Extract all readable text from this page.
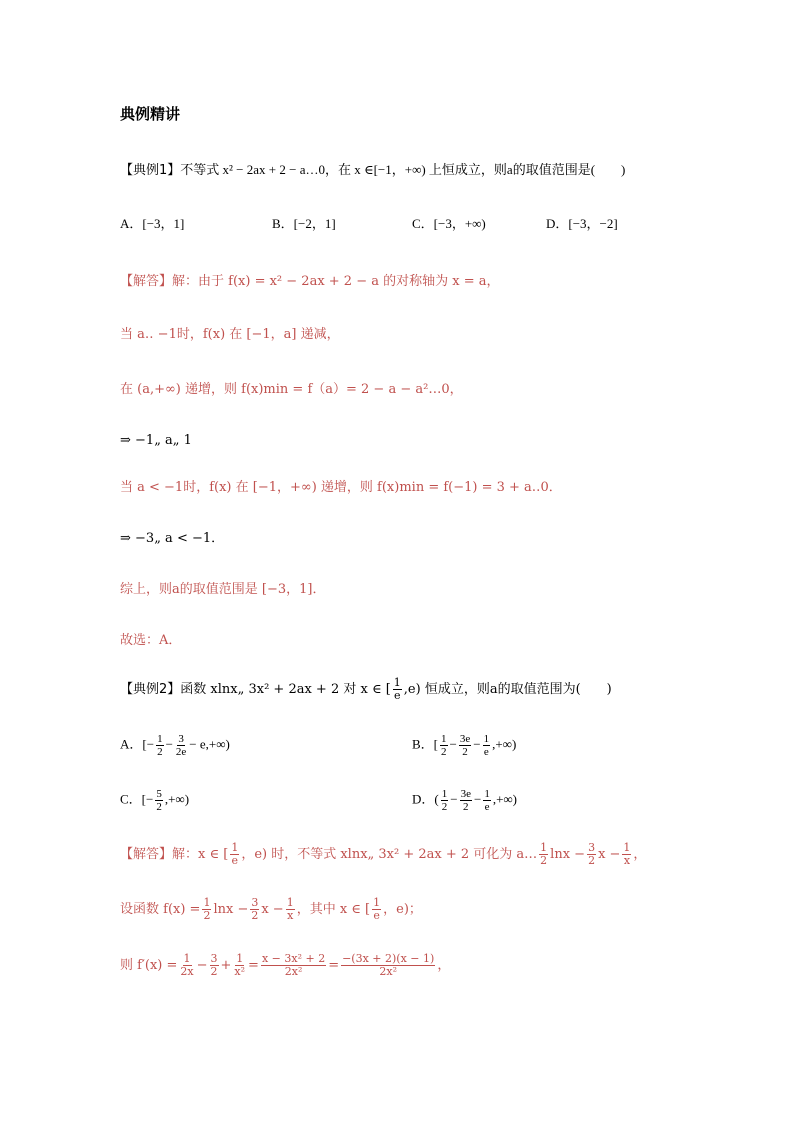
典例精讲
【典例1】不等式 x² − 2ax + 2 − a…0，在 x ∈[−1，+∞) 上恒成立，则a的取值范围是(　　)
A．[−3，1]	B．[−2，1]	C．[−3，+∞)	D．[−3，−2]
【解答】解：由于 f(x) = x² − 2ax + 2 − a 的对称轴为 x = a，
当 a‥ −1时，f(x) 在 [−1，a] 递减，
在 (a,+∞) 递增，则 f(x)min = f（a）= 2 − a − a²…0，
⇒ −1„ a„ 1
当 a < −1时，f(x) 在 [−1，+∞) 递增，则 f(x)min = f(−1) = 3 + a‥0．
⇒ −3„ a < −1．
综上，则a的取值范围是 [−3，1]．
故选：A．
【典例2】函数 xlnx„ 3x² + 2ax + 2 对 x ∈ [ $\frac{1}{e} ,e$) 恒成立，则a的取值范围为(　　)
A．[− $\frac{1}{2} - \frac{3}{2e} - e,+\infty$)	B．[ $\frac{1}{2} - \frac{3e}{2} - \frac{1}{e}$ ,+∞)
C．[− $\frac{5}{2}$ ,+∞)	D．( $\frac{1}{2} - \frac{3e}{2} - \frac{1}{e}$ ,+∞)
【解答】解：x ∈ [ $\frac{1}{e}$ ，e) 时，不等式 xlnx„ 3x² + 2ax + 2 可化为 a… $\frac{1}{2}$ $\ln x - \frac{3}{2}$ $x - \frac{1}{x}$ ，
设函数 $f(x) = \frac{1}{2}$ $\ln x - \frac{3}{2}$ $x - \frac{1}{x}$ ，其中 x ∈ [ $\frac{1}{e}$ ，e)；
则 $f'(x) = \frac{1}{2x} - \frac{3}{2} + \frac{1}{\text{x²}} = \frac{\text{x − 3x² + 2}}{\text{2x²}} = \frac{-(3x + 2)(x - 1)}{\text{2x²}}$ ，
